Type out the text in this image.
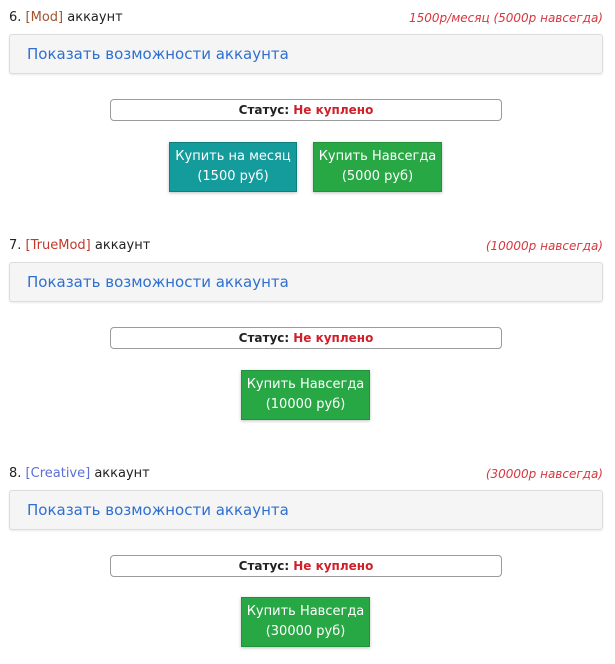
6. [Mod] аккаунт	1500р/месяц (5000р навсегда)
Показать возможности аккаунта
Статус: Не куплено
Купить на месяц
(1500 руб)
Купить Навсегда
(5000 руб)
7. [TrueMod] аккаунт	(10000р навсегда)
Показать возможности аккаунта
Статус: Не куплено
Купить Навсегда
(10000 руб)
8. [Creative] аккаунт	(30000р навсегда)
Показать возможности аккаунта
Статус: Не куплено
Купить Навсегда
(30000 руб)
